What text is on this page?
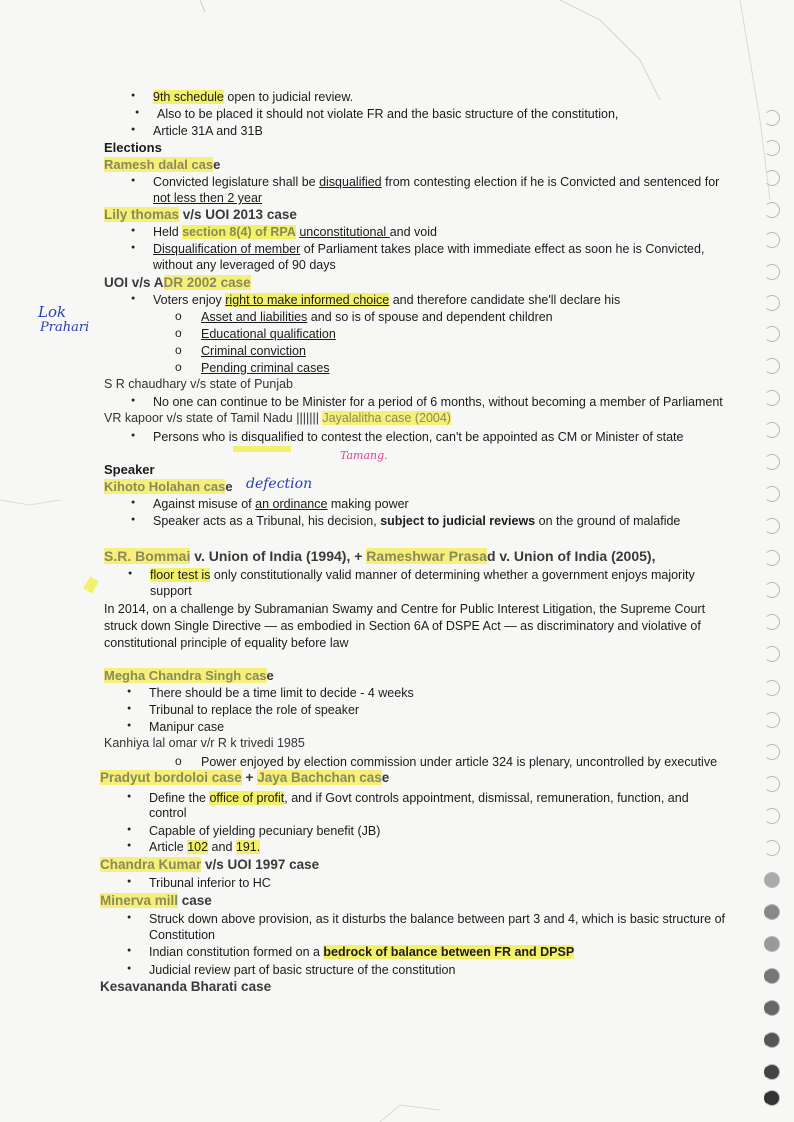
● 9th schedule open to judicial review.
● Also to be placed it should not violate FR and the basic structure of the constitution,
● Article 31A and 31B
Elections
Ramesh dalal case
● Convicted legislature shall be disqualified from contesting election if he is Convicted and sentenced for
not less then 2 year
Lily thomas v/s UOI 2013 case
● Held section 8(4) of RPA unconstitutional and void
● Disqualification of member of Parliament takes place with immediate effect as soon he is Convicted,
without any leveraged of 90 days
UOI v/s ADR 2002 case
● Voters enjoy right to make informed choice and therefore candidate she'll declare his
o Asset and liabilities and so is of spouse and dependent children
o Educational qualification
o Criminal conviction
o Pending criminal cases
S R chaudhary v/s state of Punjab
● No one can continue to be Minister for a period of 6 months, without becoming a member of Parliament
VR kapoor v/s state of Tamil Nadu ||||||| Jayalalitha case (2004)
● Persons who is disqualified to contest the election, can't be appointed as CM or Minister of state
Speaker
Kihoto Holahan case
● Against misuse of an ordinance making power
● Speaker acts as a Tribunal, his decision, subject to judicial reviews on the ground of malafide
S.R. Bommai v. Union of India (1994), + Rameshwar Prasad v. Union of India (2005),
● floor test is only constitutionally valid manner of determining whether a government enjoys majority
support
In 2014, on a challenge by Subramanian Swamy and Centre for Public Interest Litigation, the Supreme Court
struck down Single Directive — as embodied in Section 6A of DSPE Act — as discriminatory and violative of
constitutional principle of equality before law
Megha Chandra Singh case
● There should be a time limit to decide - 4 weeks
● Tribunal to replace the role of speaker
● Manipur case
Kanhiya lal omar v/r R k trivedi 1985
o Power enjoyed by election commission under article 324 is plenary, uncontrolled by executive
Pradyut bordoloi case + Jaya Bachchan case
● Define the office of profit, and if Govt controls appointment, dismissal, remuneration, function, and
control
● Capable of yielding pecuniary benefit (JB)
● Article 102 and 191.
Chandra Kumar v/s UOI 1997 case
● Tribunal inferior to HC
Minerva mill case
● Struck down above provision, as it disturbs the balance between part 3 and 4, which is basic structure of
Constitution
● Indian constitution formed on a bedrock of balance between FR and DPSP
● Judicial review part of basic structure of the constitution
Kesavananda Bharati case
Lok
Prahari
Tamang.
defection
